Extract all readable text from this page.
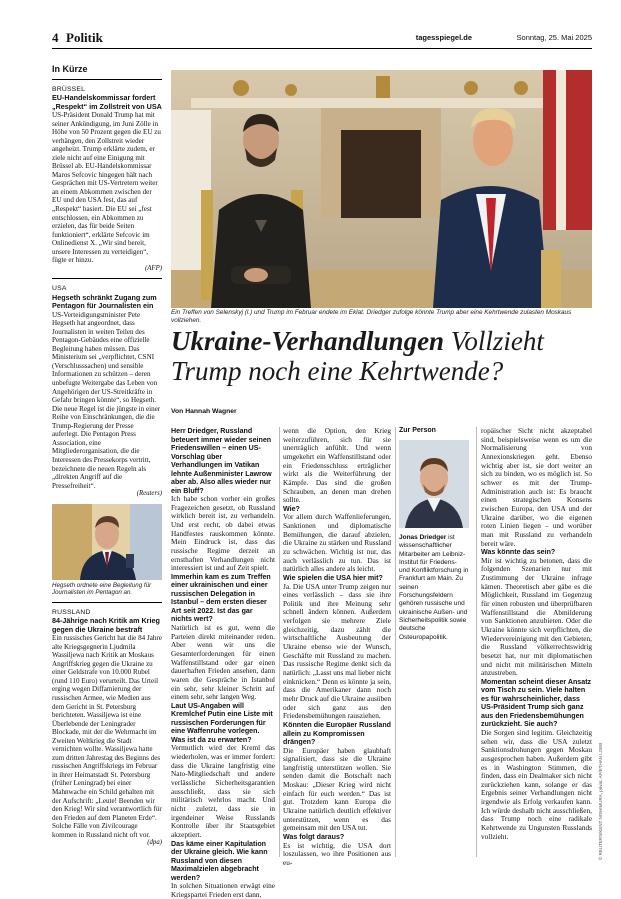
4 Politik	tagesspiegel.de	Sonntag, 25. Mai 2025
In Kürze
BRÜSSEL
EU-Handelskommissar fordert „Respekt“ im Zollstreit von USA
US-Präsident Donald Trump hat mit seiner Ankündigung, im Juni Zölle in Höhe von 50 Prozent gegen die EU zu verhängen, den Zollstreit wieder angeheizt. Trump erklärte zudem, er ziele nicht auf eine Einigung mit Brüssel ab. EU-Handelskommissar Maros Sefcovic hingegen hält nach Gesprächen mit US-Vertretern weiter an einem Abkommen zwischen der EU und den USA fest, das auf „Respekt“ basiert. Die EU sei „fest entschlossen, ein Abkommen zu erzielen, das für beide Seiten funktioniert“, erklärte Sefcovic im Onlinedienst X. „Wir sind bereit, unsere Interessen zu verteidigen“, fügte er hinzu.
(AFP)
USA
Hegseth schränkt Zugang zum Pentagon für Journalisten ein
US-Verteidigungsminister Pete Hegseth hat angeordnet, dass Journalisten in weiten Teilen des Pentagon-Gebäudes eine offizielle Begleitung haben müssen. Das Ministerium sei „verpflichtet, CSNI (Verschlusssachen) und sensible Informationen zu schützen – deren unbefugte Weitergabe das Leben von Angehörigen der US-Streitkräfte in Gefahr bringen könnte“, so Hegseth. Die neue Regel ist die jüngste in einer Reihe von Einschränkungen, die die Trump-Regierung der Presse auferlegt. Die Pentagon Press Association, eine Mitgliederorganisation, die die Interessen des Pressekorps vertritt, bezeichnete die neuen Regeln als „direkten Angriff auf die Pressefreiheit“.
(Reuters)
Hegseth ordnete eine Begleitung für Journalisten im Pentagon an.
RUSSLAND
84-Jährige nach Kritik am Krieg gegen die Ukraine bestraft
Ein russisches Gericht hat die 84 Jahre alte Kriegsgegnerin Ljudmila Wassiljewa nach Kritik an Moskaus Angriffskrieg gegen die Ukraine zu einer Geldstrafe von 10.000 Rubel (rund 110 Euro) verurteilt. Das Urteil erging wegen Diffamierung der russischen Armee, wie Medien aus dem Gericht in St. Petersburg berichteten. Wassiljewa ist eine Überlebende der Leningrader Blockade, mit der die Wehrmacht im Zweiten Weltkrieg die Stadt vernichten wollte. Wassiljewa hatte zum dritten Jahrestag des Beginns des russischen Angriffskriegs im Februar in ihrer Heimatstadt St. Petersburg (früher Leningrad) bei einer Mahnwache ein Schild gehalten mit der Aufschrift: „Leute! Beenden wir den Krieg! Wir sind verantwortlich für den Frieden auf dem Planeten Erde“. Solche Fälle von Zivilcourage kommen in Russland nicht oft vor.
(dpa)
Ein Treffen von Selenskyj (l.) und Trump im Februar endete im Eklat. Driedger zufolge könnte Trump aber eine Kehrtwende zulasten Moskaus vollziehen.
Ukraine-Verhandlungen Vollzieht Trump noch eine Kehrtwende?
Von Hannah Wagner

Herr Driedger, Russland beteuert immer wieder seinen Friedenswillen – einen US-Vorschlag über Verhandlungen im Vatikan lehnte Außenminister Lawrow aber ab. Also alles wieder nur ein Bluff?

Ich habe schon vorher ein großes Fragezeichen gesetzt, ob Russland wirklich bereit ist, zu verhandeln. Und erst recht, ob dabei etwas Handfestes rauskommen könnte. Mein Eindruck ist, dass das russische Regime derzeit an ernsthaften Verhandlungen nicht interessiert ist und auf Zeit spielt.

Immerhin kam es zum Treffen einer ukrainischen und einer russischen Delegation in Istanbul – dem ersten dieser Art seit 2022. Ist das gar nichts wert?

Natürlich ist es gut, wenn die Parteien direkt miteinander reden. Aber wenn wir uns die Gesamterforderungen für einen Waffenstillstand oder gar einen dauerhaften Frieden ansehen, dann waren die Gespräche in Istanbul ein sehr, sehr kleiner Schritt auf einem sehr, sehr langen Weg.

Laut US-Angaben will Kremlchef Putin eine Liste mit russischen Forderungen für eine Waffenruhe vorlegen. Was ist da zu erwarten?

Vermutlich wird der Kreml das wiederholen, was er immer fordert: dass die Ukraine langfristig eine Nato-Mitgliedschaft und andere verlässliche Sicherheitsgarantien ausschließt, dass sie sich militärisch wehrlos macht. Und nicht zuletzt, dass sie in irgendeiner Weise Russlands Kontrolle über ihr Staatsgebiet akzeptiert.

Das käme einer Kapitulation der Ukraine gleich. Wie kann Russland von diesen Maximalzielen abgebracht werden?

In solchen Situationen erwägt eine Kriegspartei Frieden erst dann,

wenn die Option, den Krieg weiterzuführen, sich für sie unerträglich anfühlt. Und wenn umgekehrt ein Waffenstillstand oder ein Friedensschluss erträglicher wirkt als die Weiterführung der Kämpfe. Das sind die großen Schrauben, an denen man drehen sollte.

Wie?

Vor allem durch Waffenlieferungen, Sanktionen und diplomatische Bemühungen, die darauf abzielen, die Ukraine zu stärken und Russland zu schwächen. Wichtig ist nur, das auch verlässlich zu tun. Das ist natürlich alles andere als leicht.

Wie spielen die USA hier mit?

Ja. Die USA unter Trump zeigen nur eines verlässlich – dass sie ihre Politik und ihre Meinung sehr schnell ändern können. Außerdem verfolgen sie mehrere Ziele gleichzeitig, dazu zählt die wirtschaftliche Ausbeutung der Ukraine ebenso wie der Wunsch, Geschäfte mit Russland zu machen. Das russische Regime denkt sich da natürlich: „Lasst uns mal lieber nicht einknicken.“ Denn es könnte ja sein, dass die Amerikaner dann noch mehr Druck auf die Ukraine ausüben oder sich ganz aus den Friedensbemühungen rausziehen.

Könnten die Europäer Russland allein zu Kompromissen drängen?

Die Europäer haben glaubhaft signalisiert, dass sie die Ukraine langfristig unterstützen wollen. Sie senden damit die Botschaft nach Moskau: „Dieser Krieg wird nicht einfach für euch werden.“ Das ist gut. Trotzdem kann Europa die Ukraine natürlich deutlich effektiver unterstützen, wenn es das gemeinsam mit den USA tut.

Was folgt daraus?

Es ist wichtig, die USA dort loszulassen, wo ihre Positionen aus eu-

Zur Person
Jonas Driedger ist wissenschaftlicher Mitarbeiter am Leibniz-Institut für Friedens- und Konfliktforschung in Frankfurt am Main. Zu seinen Forschungsfeldern gehören russische und ukrainische Außen- und Sicherheitspolitik sowie deutsche Osteuropapolitik.

ropäischer Sicht nicht akzeptabel sind, beispielsweise wenn es um die Normalisierung von Annexionskriegen geht. Ebenso wichtig aber ist, sie dort weiter an sich zu binden, wo es möglich ist. So schwer es mit der Trump-Administration auch ist: Es braucht einen strategischen Konsens zwischen Europa, den USA und der Ukraine darüber, wo die eigenen roten Linien liegen – und worüber man mit Russland zu verhandeln bereit wäre.

Was könnte das sein?

Mir ist wichtig zu betonen, dass die folgenden Szenarien nur mit Zustimmung der Ukraine infrage kämen. Theoretisch aber gäbe es die Möglichkeit, Russland im Gegenzug für einen robusten und überprüfbaren Waffenstillstand die Abmilderung von Sanktionen anzubieten. Oder die Ukraine könnte sich verpflichten, die Wiedervereinigung mit den Gebieten, die Russland völkerrechtswidrig besetzt hat, nur mit diplomatischen und nicht mit militärischen Mitteln anzustreben.

Momentan scheint dieser Ansatz vom Tisch zu sein. Viele halten es für wahrscheinlicher, dass US-Präsident Trump sich ganz aus den Friedensbemühungen zurückzieht. Sie auch?

Die Sorgen sind legitim. Gleichzeitig sehen wir, dass die USA zuletzt Sanktionsdrohungen gegen Moskau ausgesprochen haben. Außerdem gibt es in Washington Stimmen, die finden, dass ein Dealmaker sich nicht zurückziehen kann, solange er das Ergebnis seiner Verhandlungen nicht irgendwie als Erfolg verkaufen kann. Ich würde deshalb nicht ausschließen, dass Trump noch eine radikale Kehrtwende zu Ungunsten Russlands vollzieht.	© REUTERS/KENT NISHIMURA, privat, AP/ETHAN LOEB
